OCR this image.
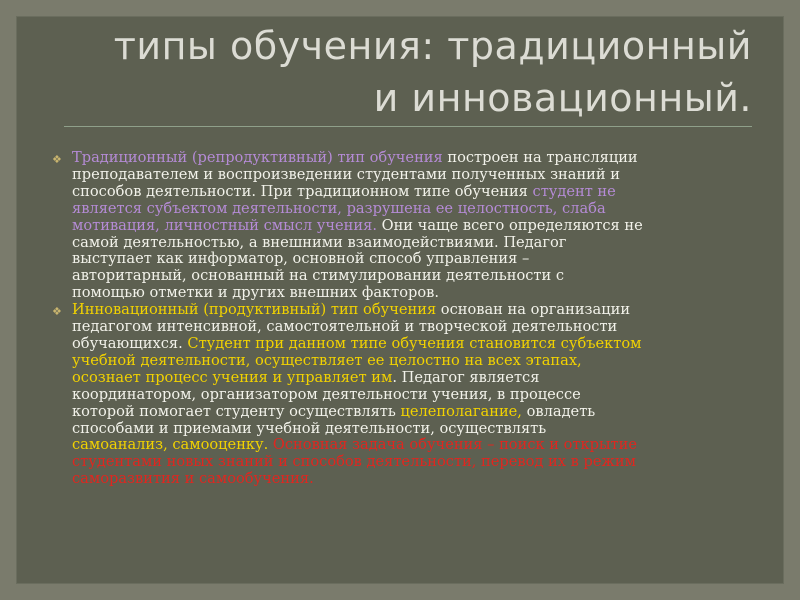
типы обучения: традиционный
и инновационный.

❖ Традиционный (репродуктивный) тип обучения построен на трансляции
преподавателем и воспроизведении студентами полученных знаний и
способов деятельности. При традиционном типе обучения студент не
является субъектом деятельности, разрушена ее целостность, слаба
мотивация, личностный смысл учения. Они чаще всего определяются не
самой деятельностью, а внешними взаимодействиями. Педагог
выступает как информатор, основной способ управления –
авторитарный, основанный на стимулировании деятельности с
помощью отметки и других внешних факторов.

❖ Инновационный (продуктивный) тип обучения основан на организации
педагогом интенсивной, самостоятельной и творческой деятельности
обучающихся. Студент при данном типе обучения становится субъектом
учебной деятельности, осуществляет ее целостно на всех этапах,
осознает процесс учения и управляет им. Педагог является
координатором, организатором деятельности учения, в процессе
которой помогает студенту осуществлять целеполагание, овладеть
способами и приемами учебной деятельности, осуществлять
самоанализ, самооценку. Основная задача обучения – поиск и открытие
студентами новых знаний и способов деятельности, перевод их в режим
саморазвития и самообучения.
